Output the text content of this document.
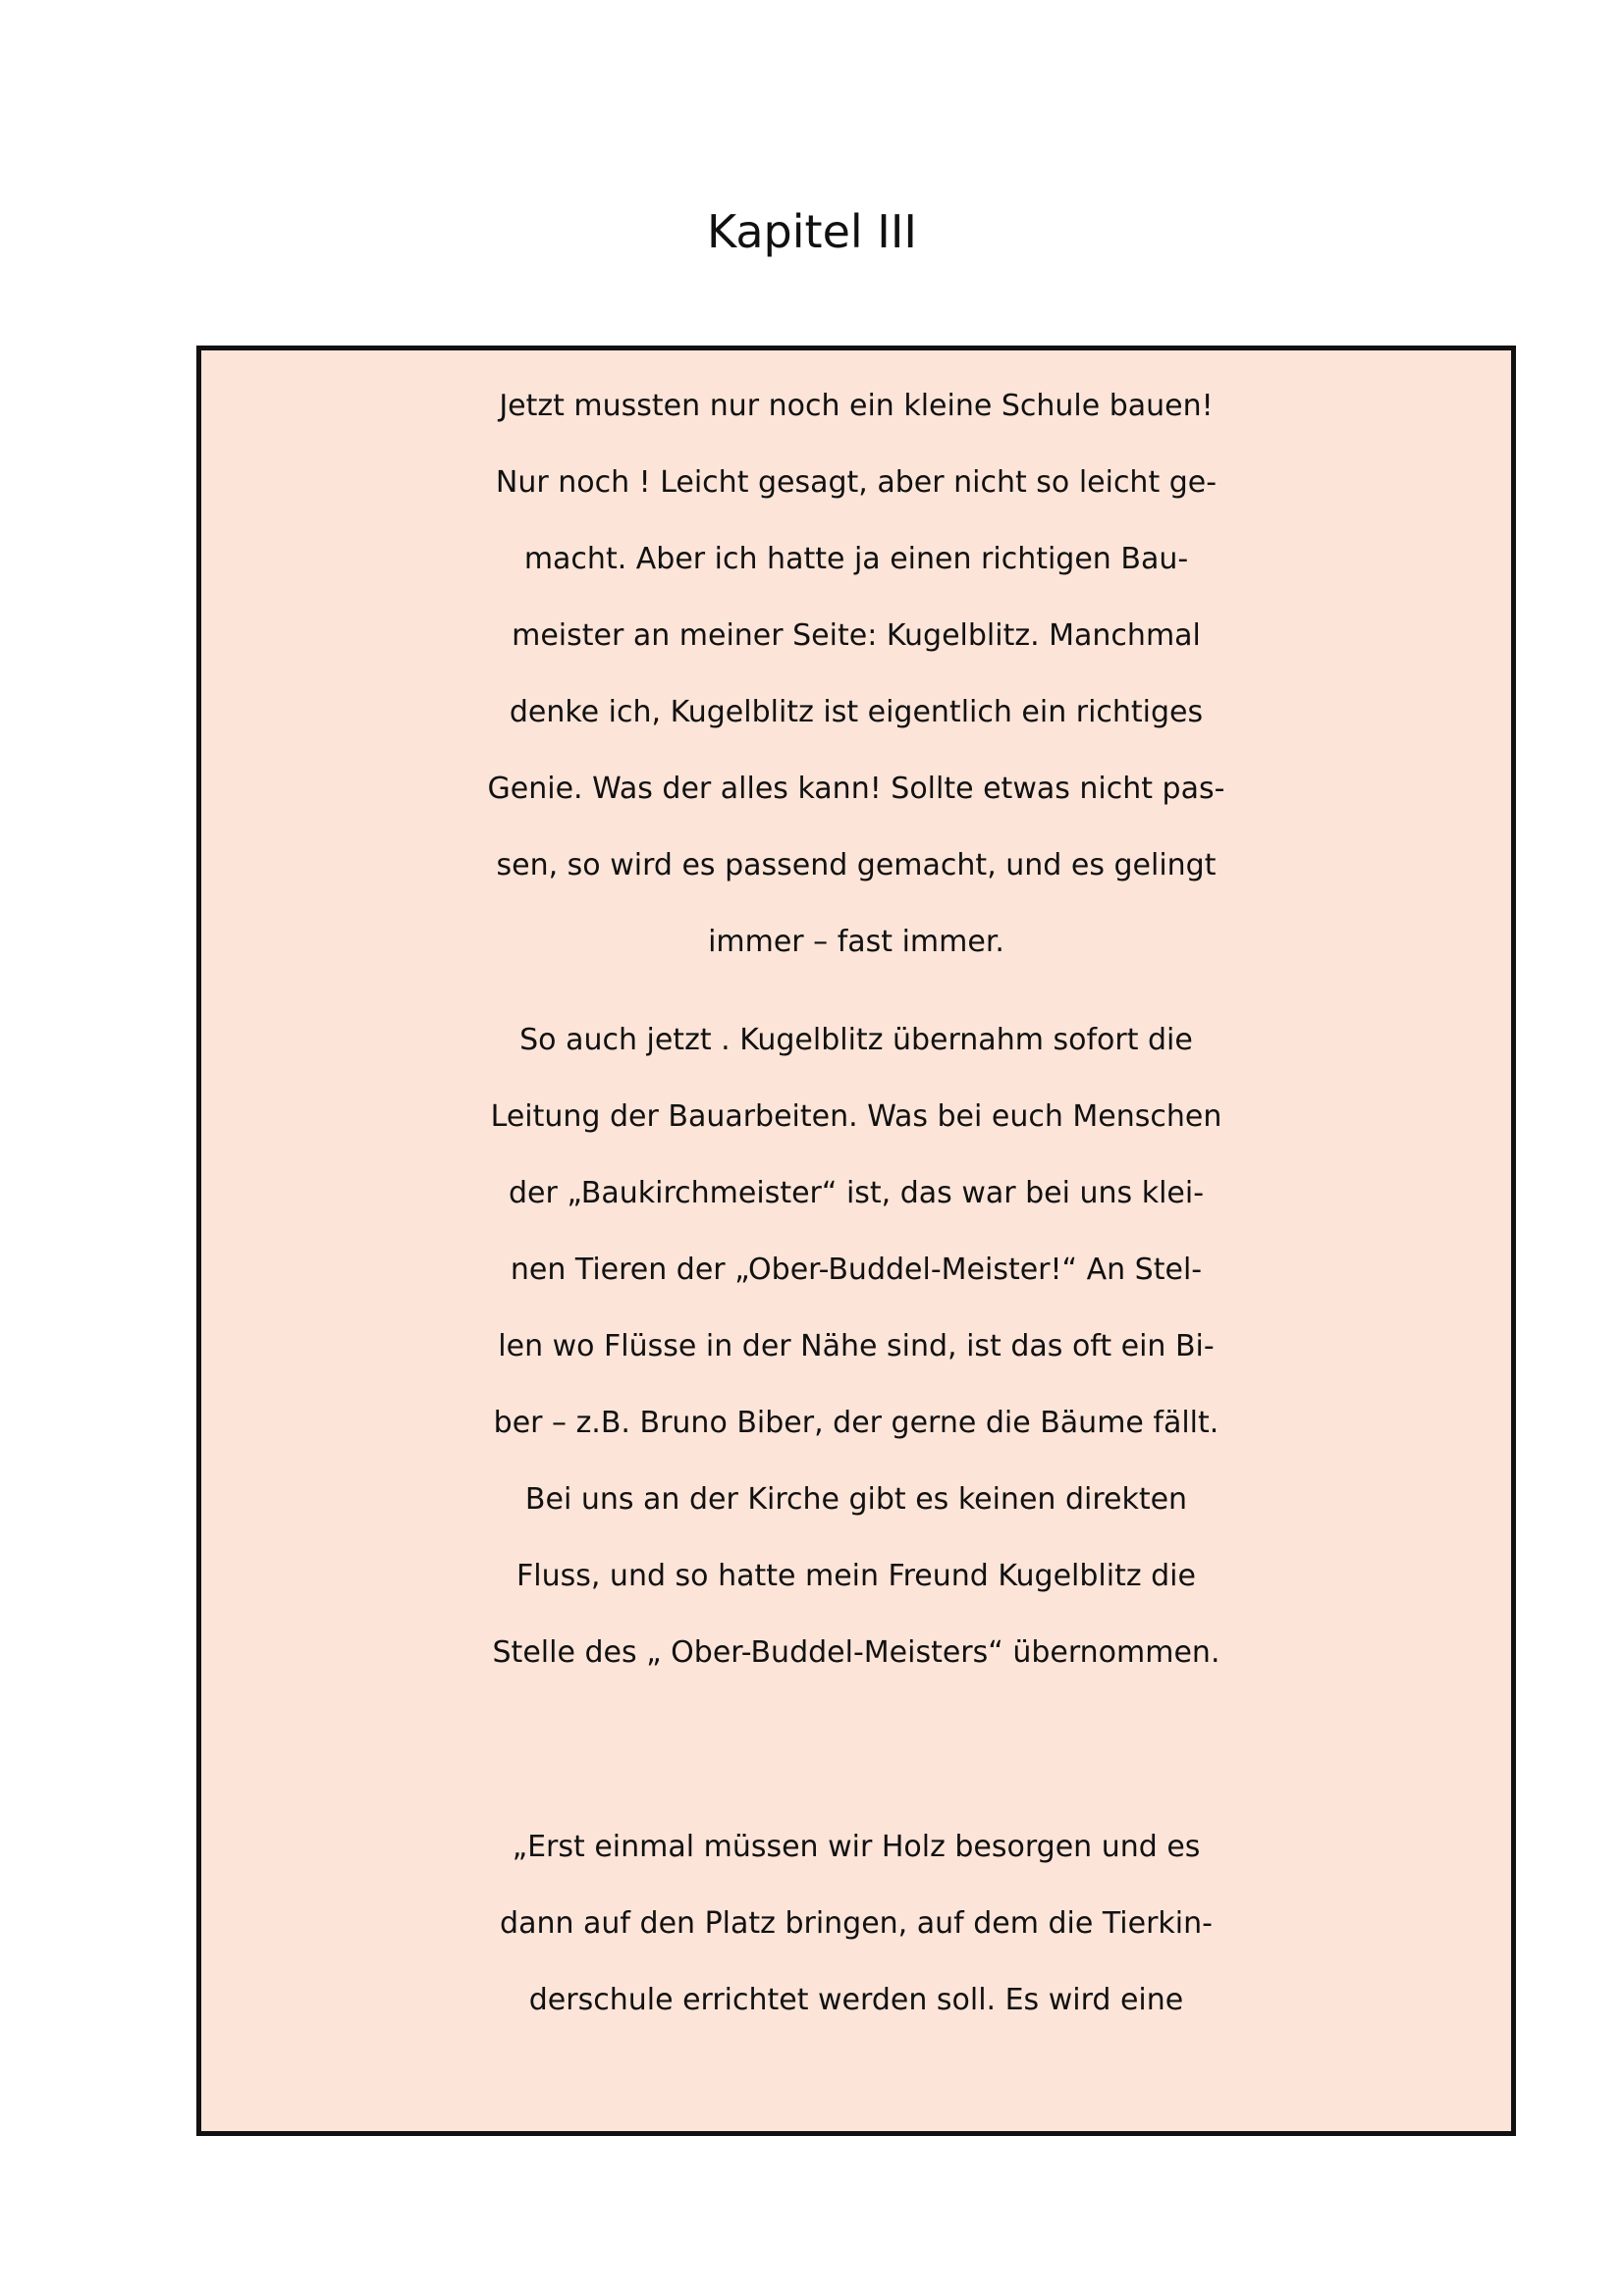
Kapitel III
Jetzt mussten nur noch ein kleine Schule bauen!
Nur noch ! Leicht gesagt, aber nicht so leicht ge-
macht. Aber ich hatte ja einen richtigen Bau-
meister an meiner Seite: Kugelblitz. Manchmal
denke ich, Kugelblitz ist eigentlich ein richtiges
Genie. Was der alles kann! Sollte etwas nicht pas-
sen, so wird es passend gemacht, und es gelingt
immer – fast immer.
So auch jetzt . Kugelblitz übernahm sofort die
Leitung der Bauarbeiten. Was bei euch Menschen
der „Baukirchmeister“ ist, das war bei uns klei-
nen Tieren der „Ober-Buddel-Meister!“ An Stel-
len wo Flüsse in der Nähe sind, ist das oft ein Bi-
ber – z.B. Bruno Biber, der gerne die Bäume fällt.
Bei uns an der Kirche gibt es keinen direkten
Fluss, und so hatte mein Freund Kugelblitz die
Stelle des „ Ober-Buddel-Meisters“ übernommen.
„Erst einmal müssen wir Holz besorgen und es
dann auf den Platz bringen, auf dem die Tierkin-
derschule errichtet werden soll. Es wird eine
